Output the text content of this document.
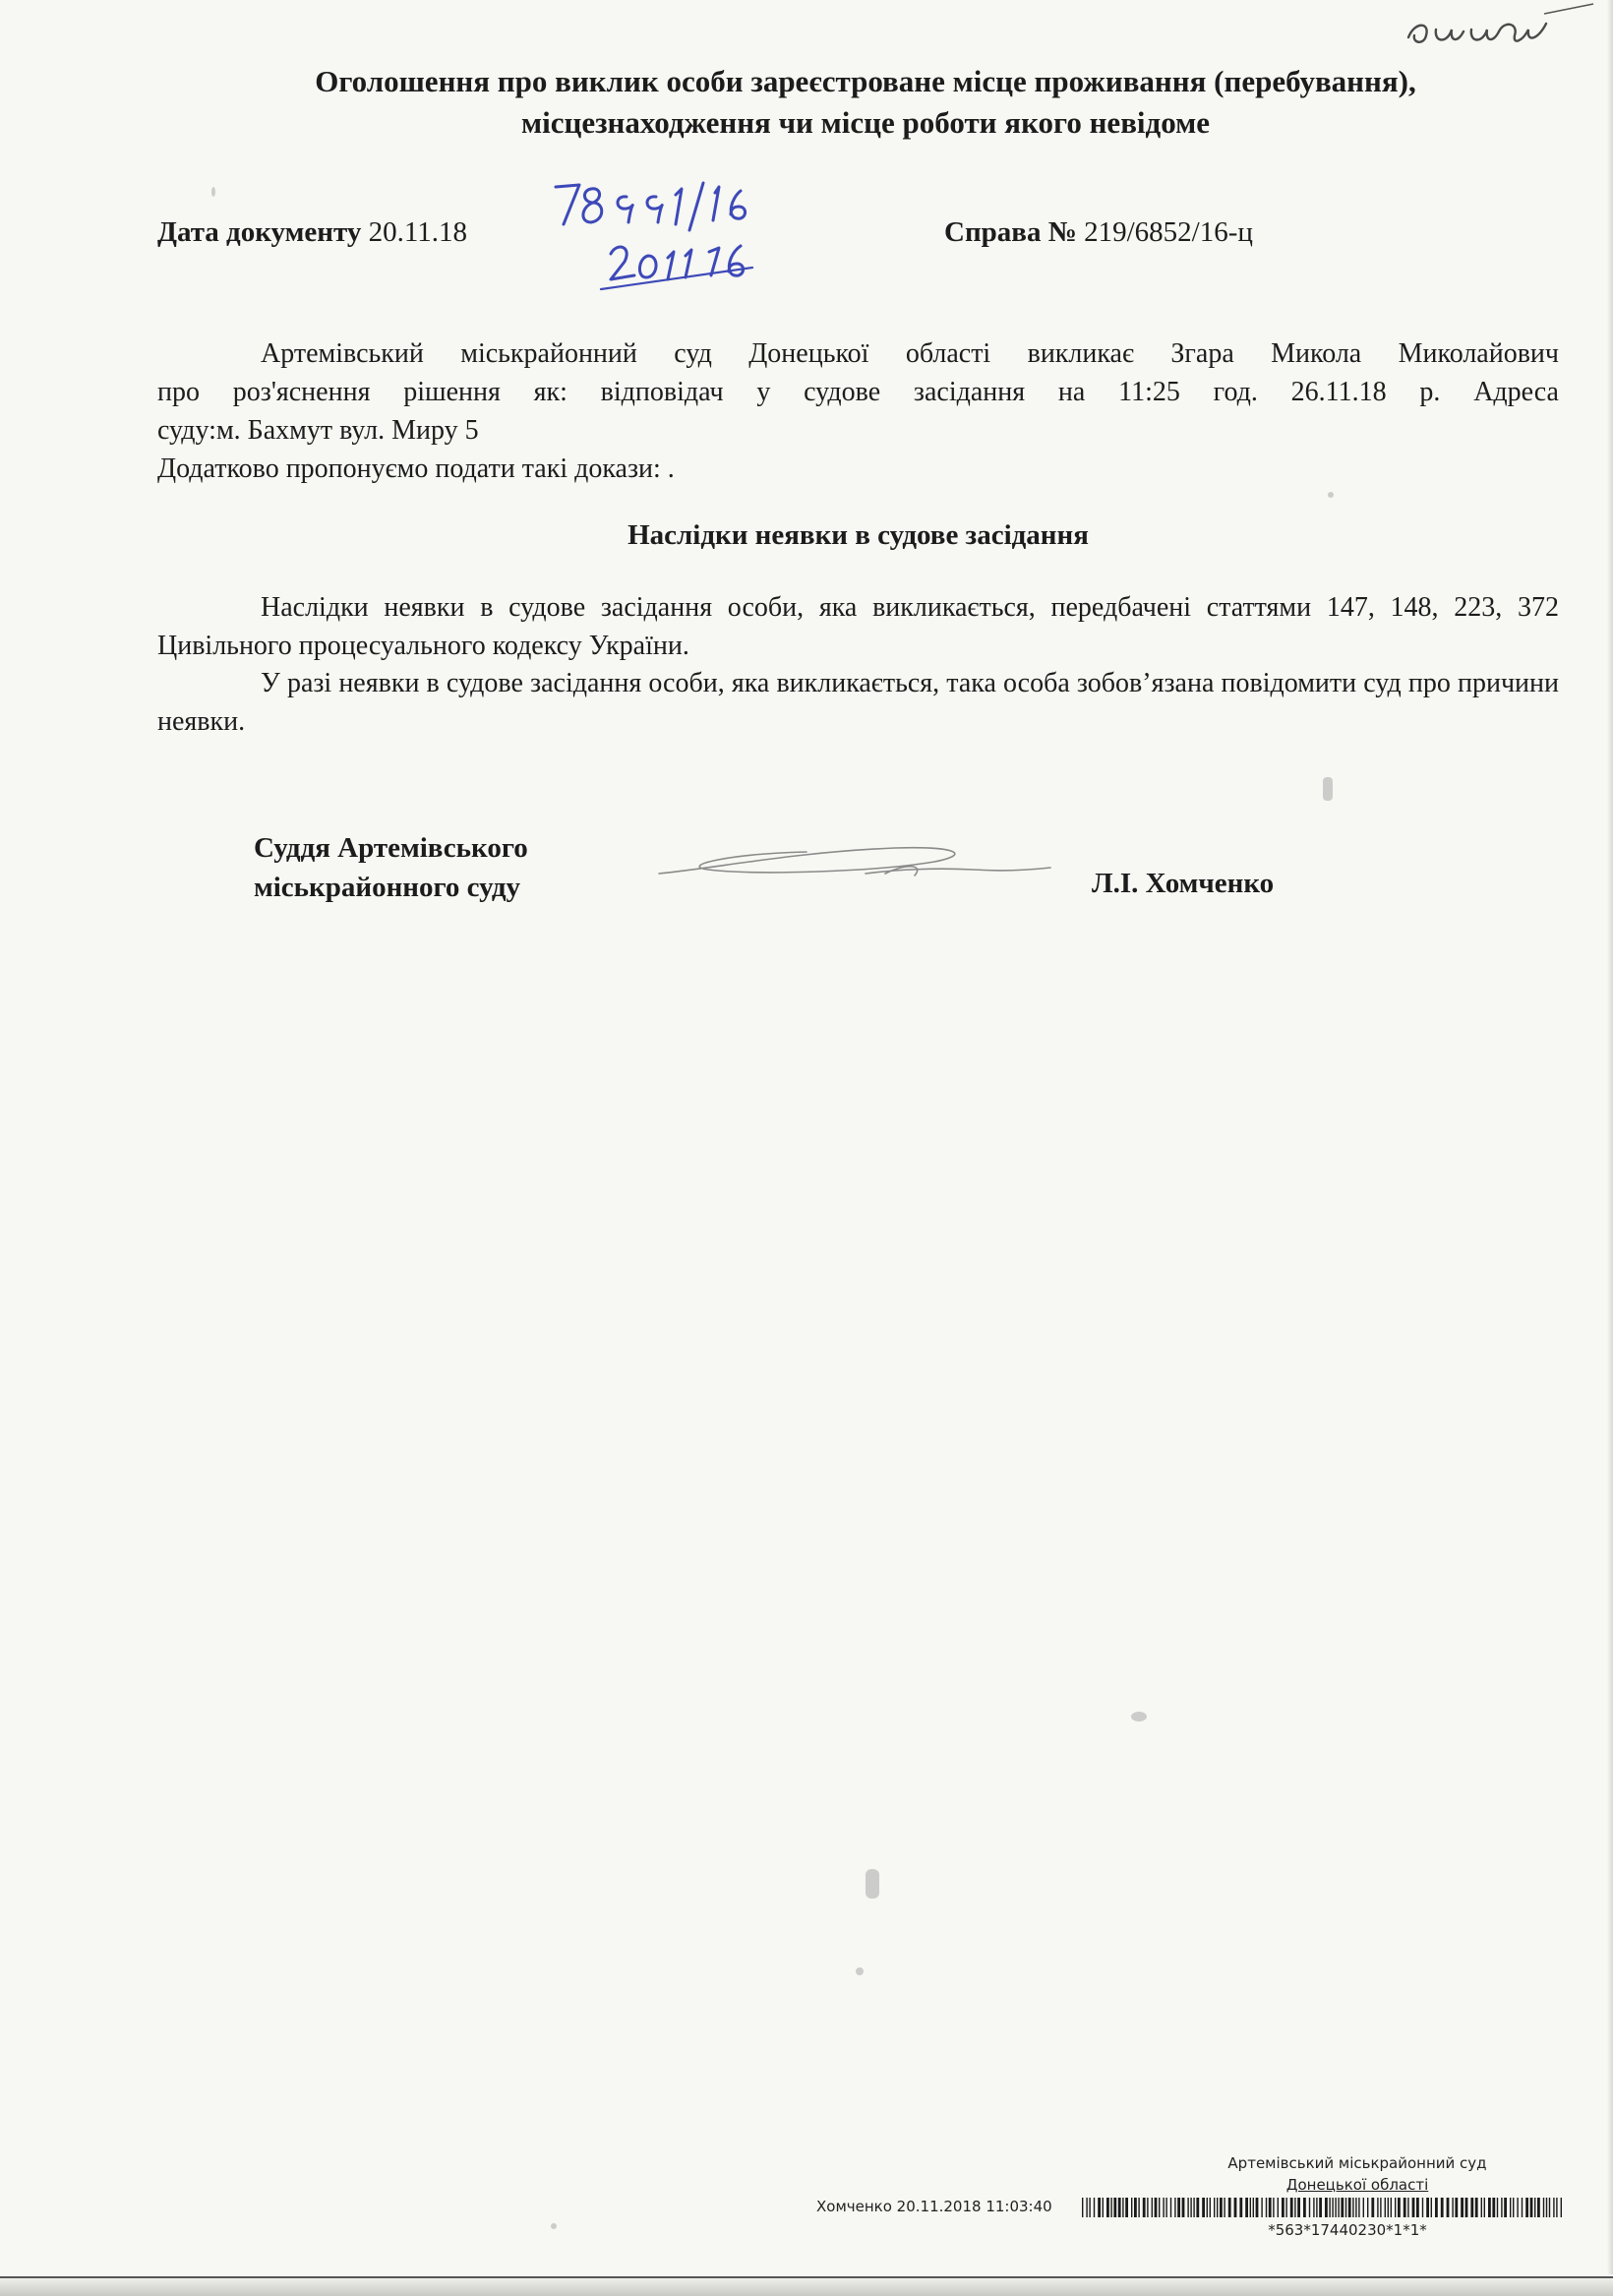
Оголошення про виклик особи зареєстроване місце проживання (перебування),
місцезнаходження чи місце роботи якого невідоме
Дата документу 20.11.18	Справа № 219/6852/16-ц
Артемівський міськрайонний суд Донецької області викликає Згара Микола Миколайович
про роз'яснення рішення як: відповідач у судове засідання на 11:25 год. 26.11.18 р. Адреса
суду:м. Бахмут вул. Миру 5
Додатково пропонуємо подати такі докази: .
Наслідки неявки в судове засідання
Наслідки неявки в судове засідання особи, яка викликається, передбачені статтями 147, 148, 223, 372 Цивільного процесуального кодексу України.
У разі неявки в судове засідання особи, яка викликається, така особа зобов’язана повідомити суд про причини неявки.
Суддя Артемівського
міськрайонного суду	Л.І. Хомченко
Артемівський міськрайонний суд
Донецької області
Хомченко 20.11.2018 11:03:40
*563*17440230*1*1*
